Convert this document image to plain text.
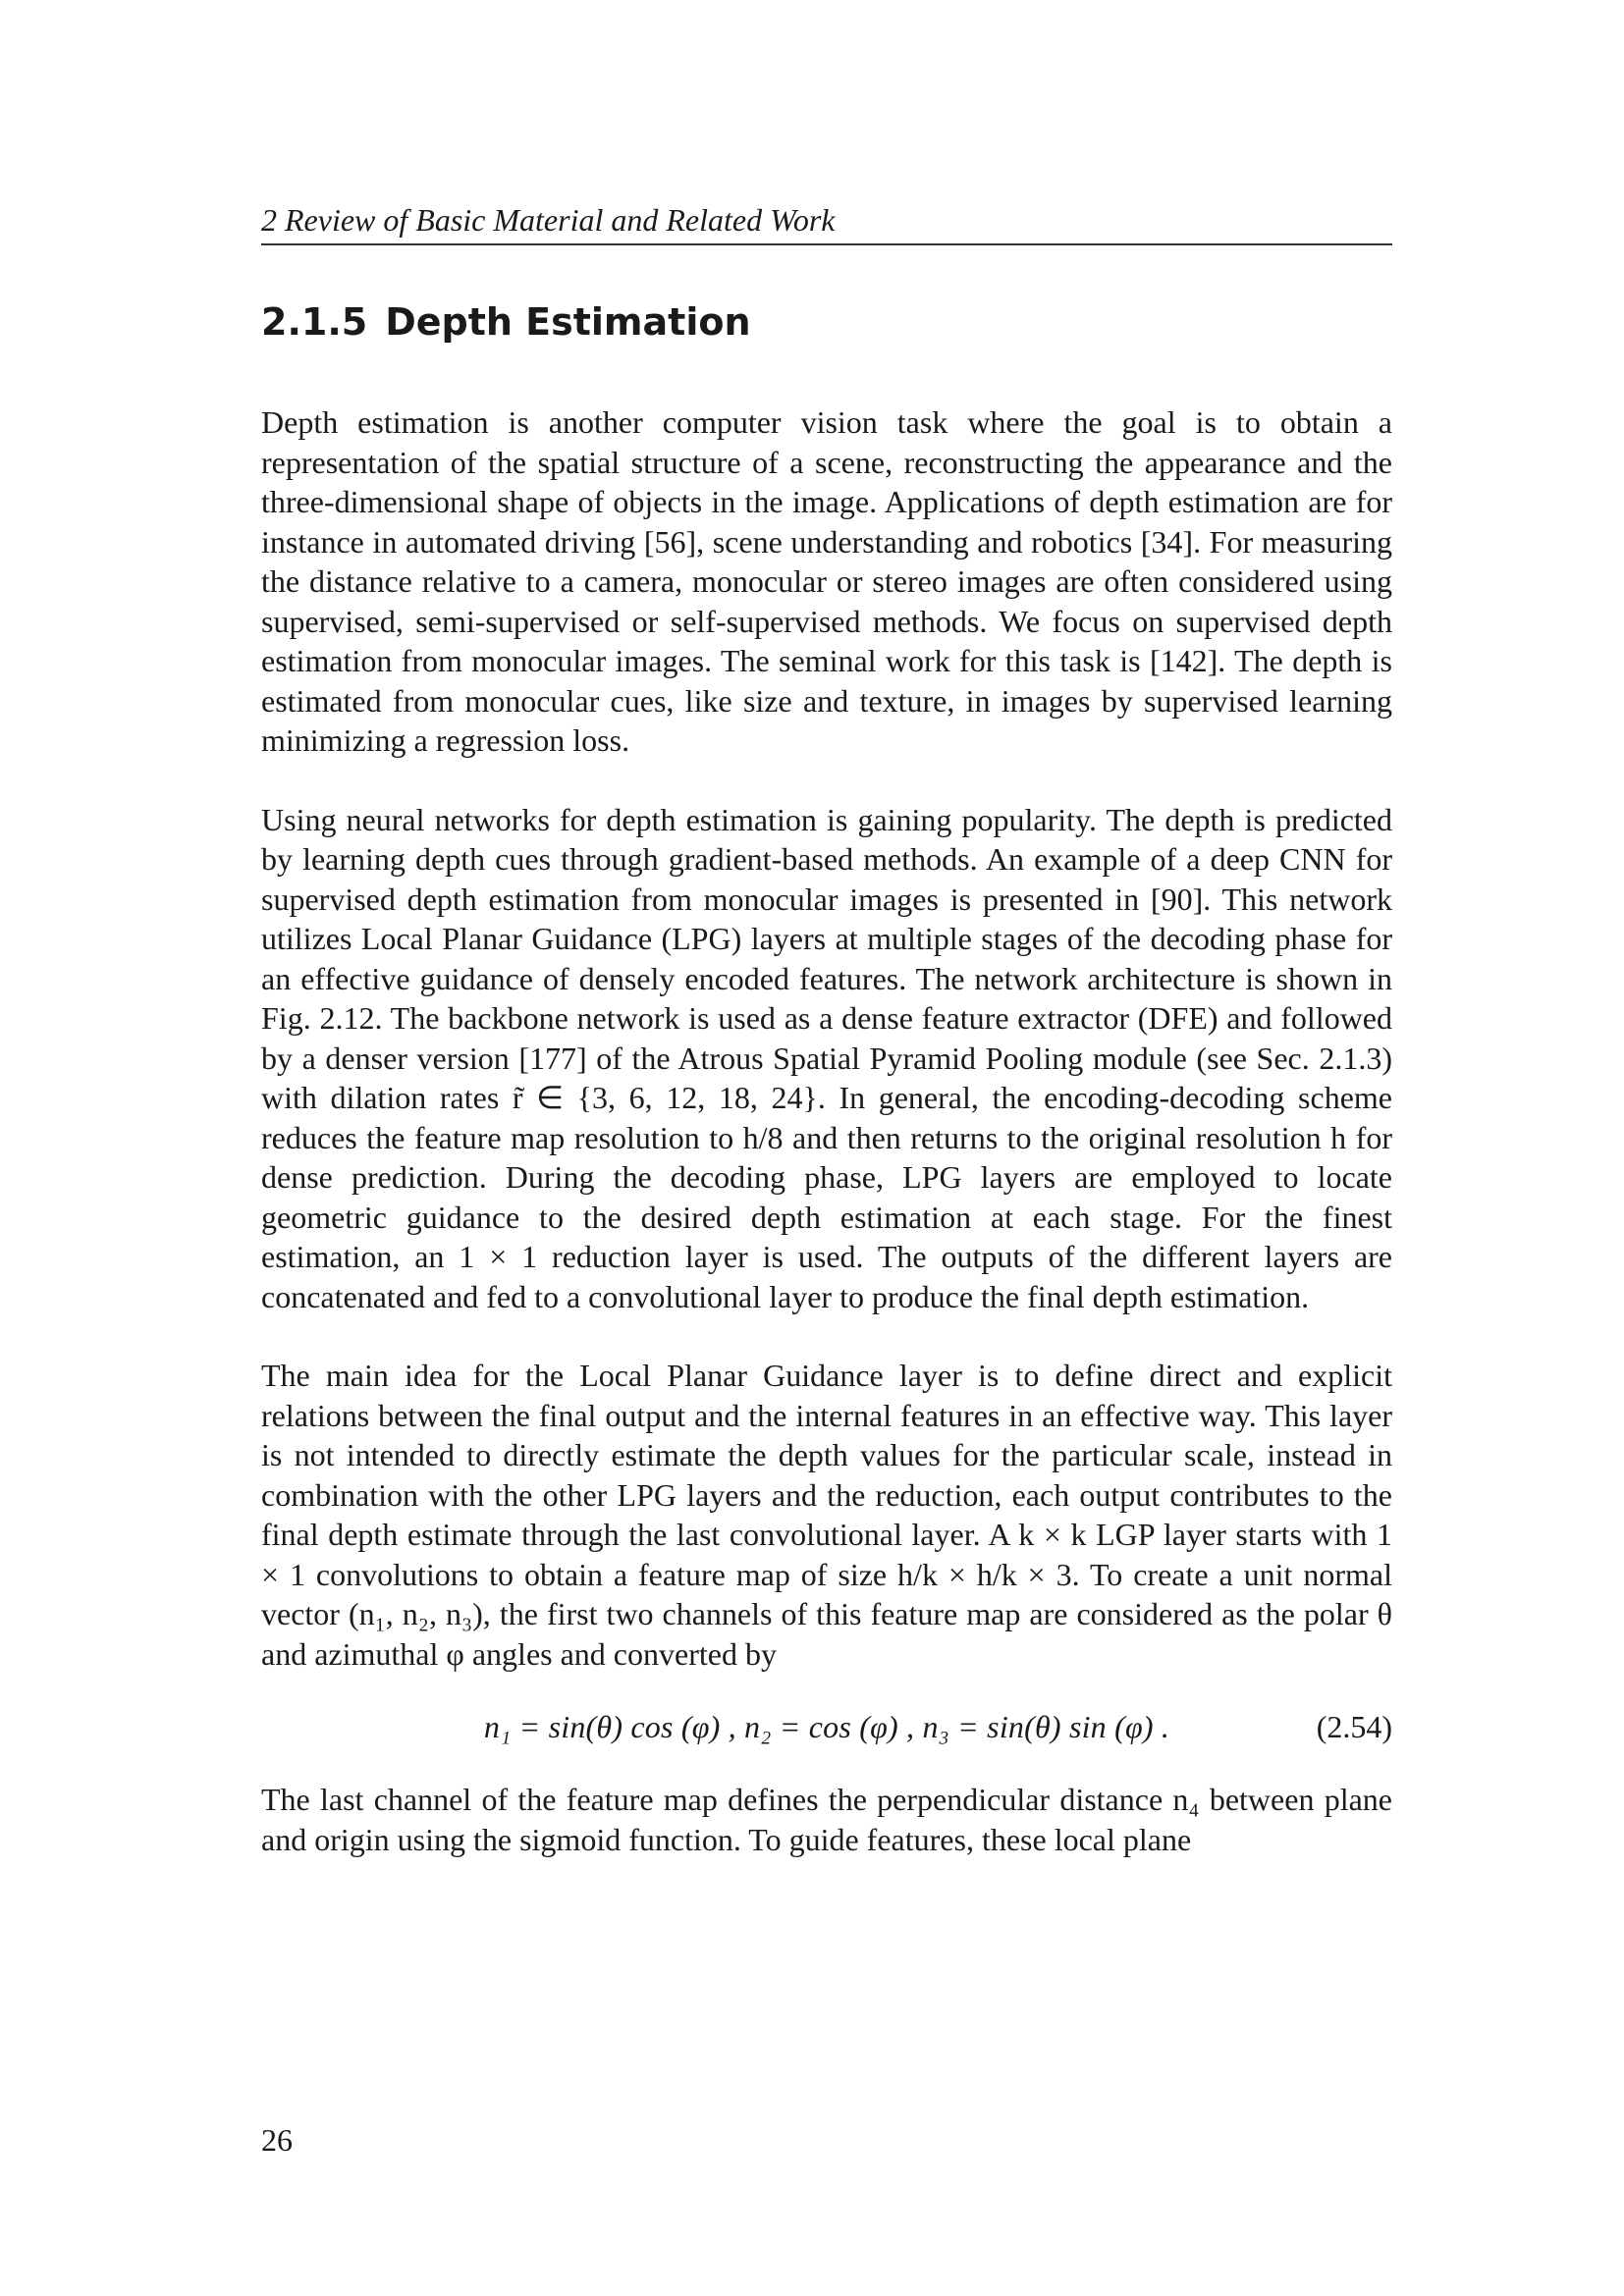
2 Review of Basic Material and Related Work
2.1.5 Depth Estimation

Depth estimation is another computer vision task where the goal is to obtain a representation of the spatial structure of a scene, reconstructing the appearance and the three-dimensional shape of objects in the image. Applications of depth estimation are for instance in automated driving [56], scene understanding and robotics [34]. For measuring the distance relative to a camera, monocular or stereo images are often considered using supervised, semi-supervised or self-supervised methods. We focus on supervised depth estimation from monocular images. The seminal work for this task is [142]. The depth is estimated from monocular cues, like size and texture, in images by supervised learning minimizing a regression loss.

Using neural networks for depth estimation is gaining popularity. The depth is predicted by learning depth cues through gradient-based methods. An example of a deep CNN for supervised depth estimation from monocular images is presented in [90]. This network utilizes Local Planar Guidance (LPG) layers at multiple stages of the decoding phase for an effective guidance of densely encoded features. The network architecture is shown in Fig. 2.12. The backbone network is used as a dense feature extractor (DFE) and followed by a denser version [177] of the Atrous Spatial Pyramid Pooling module (see Sec. 2.1.3) with dilation rates r̃ ∈ {3, 6, 12, 18, 24}. In general, the encoding-decoding scheme reduces the feature map resolution to h/8 and then returns to the original resolution h for dense prediction. During the decoding phase, LPG layers are employed to locate geometric guidance to the desired depth estimation at each stage. For the finest estimation, an 1 × 1 reduction layer is used. The outputs of the different layers are concatenated and fed to a convolutional layer to produce the final depth estimation.

The main idea for the Local Planar Guidance layer is to define direct and explicit relations between the final output and the internal features in an effective way. This layer is not intended to directly estimate the depth values for the particular scale, instead in combination with the other LPG layers and the reduction, each output contributes to the final depth estimate through the last convolutional layer. A k × k LGP layer starts with 1 × 1 convolutions to obtain a feature map of size h/k × h/k × 3. To create a unit normal vector (n₁, n₂, n₃), the first two channels of this feature map are considered as the polar θ and azimuthal φ angles and converted by

n₁ = sin(θ) cos (φ) , n₂ = cos (φ) , n₃ = sin(θ) sin (φ) .	(2.54)

The last channel of the feature map defines the perpendicular distance n₄ between plane and origin using the sigmoid function. To guide features, these local plane

26
